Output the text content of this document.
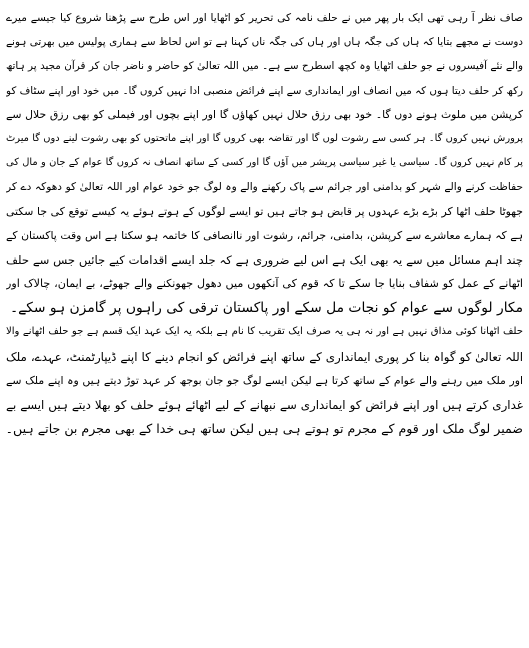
صاف نظر آ رہی تھی ایک بار پھر میں نے حلف نامہ کی تحریر کو اٹھایا اور اس طرح سے پڑھنا شروع کیا جیسے میرے
دوست نے مجھے بتایا کہ ہاں کی جگہ ہاں اور ہاں کی جگہ ناں کہنا ہے تو اس لحاظ سے ہماری پولیس میں بھرتی ہونے
والے نئے آفیسروں نے جو حلف اٹھایا وہ کچھ اسطرح سے ہے۔ میں اللہ تعالیٰ کو حاضر و ناضر جان کر قرآن مجید پر ہاتھ
رکھ کر حلف دیتا ہوں کہ میں انصاف اور ایمانداری سے اپنے فرائض منصبی ادا نہیں کروں گا۔ میں خود اور اپنے سٹاف کو
کرپشن میں ملوث ہونے دوں گا۔ خود بھی رزق حلال نہیں کھاؤں گا اور اپنے بچوں اور فیملی کو بھی رزق حلال سے
پرورش نہیں کروں گا۔ ہر کسی سے رشوت لوں گا اور تقاضہ بھی کروں گا اور اپنے ماتحتوں کو بھی رشوت لینے دوں گا میرٹ
پر کام نہیں کروں گا۔ سیاسی یا غیر سیاسی پریشر میں آؤں گا اور کسی کے ساتھ انصاف نہ کروں گا عوام کے جان و مال کی
حفاظت کرنے والے شہر کو بدامنی اور جرائم سے پاک رکھنے والے وہ لوگ جو خود عوام اور اللہ تعالیٰ کو دھوکہ دے کر
جھوٹا حلف اٹھا کر بڑے بڑے عہدوں پر قابض ہو جاتے ہیں تو ایسے لوگوں کے ہوتے ہوئے یہ کیسے توقع کی جا سکتی
ہے کہ ہمارے معاشرے سے کرپشن، بدامنی، جرائم، رشوت اور ناانصافی کا خاتمہ ہو سکتا ہے اس وقت پاکستان کے
چند اہم مسائل میں سے یہ بھی ایک ہے اس لیے ضروری ہے کہ جلد ایسے اقدامات کیے جائیں جس سے حلف
اٹھانے کے عمل کو شفاف بنایا جا سکے تا کہ قوم کی آنکھوں میں دھول جھونکنے والے جھوٹے، بے ایمان، چالاک اور
مکار لوگوں سے عوام کو نجات مل سکے اور پاکستان ترقی کی راہوں پر گامزن ہو سکے۔
حلف اٹھانا کوئی مذاق نہیں ہے اور نہ ہی یہ صرف ایک تقریب کا نام ہے بلکہ یہ ایک عہد ایک قسم ہے جو حلف اٹھانے والا
اللہ تعالیٰ کو گواہ بنا کر پوری ایمانداری کے ساتھ اپنے فرائض کو انجام دینے کا اپنے ڈیپارٹمنٹ، عہدے، ملک
اور ملک میں رہنے والے عوام کے ساتھ کرتا ہے لیکن ایسے لوگ جو جان بوجھ کر عہد توڑ دیتے ہیں وہ اپنے ملک سے
غداری کرتے ہیں اور اپنے فرائض کو ایمانداری سے نبھانے کے لیے اٹھائے ہوئے حلف کو بھلا دیتے ہیں ایسے بے
ضمیر لوگ ملک اور قوم کے مجرم تو ہوتے ہی ہیں لیکن ساتھ ہی خدا کے بھی مجرم بن جاتے ہیں۔
